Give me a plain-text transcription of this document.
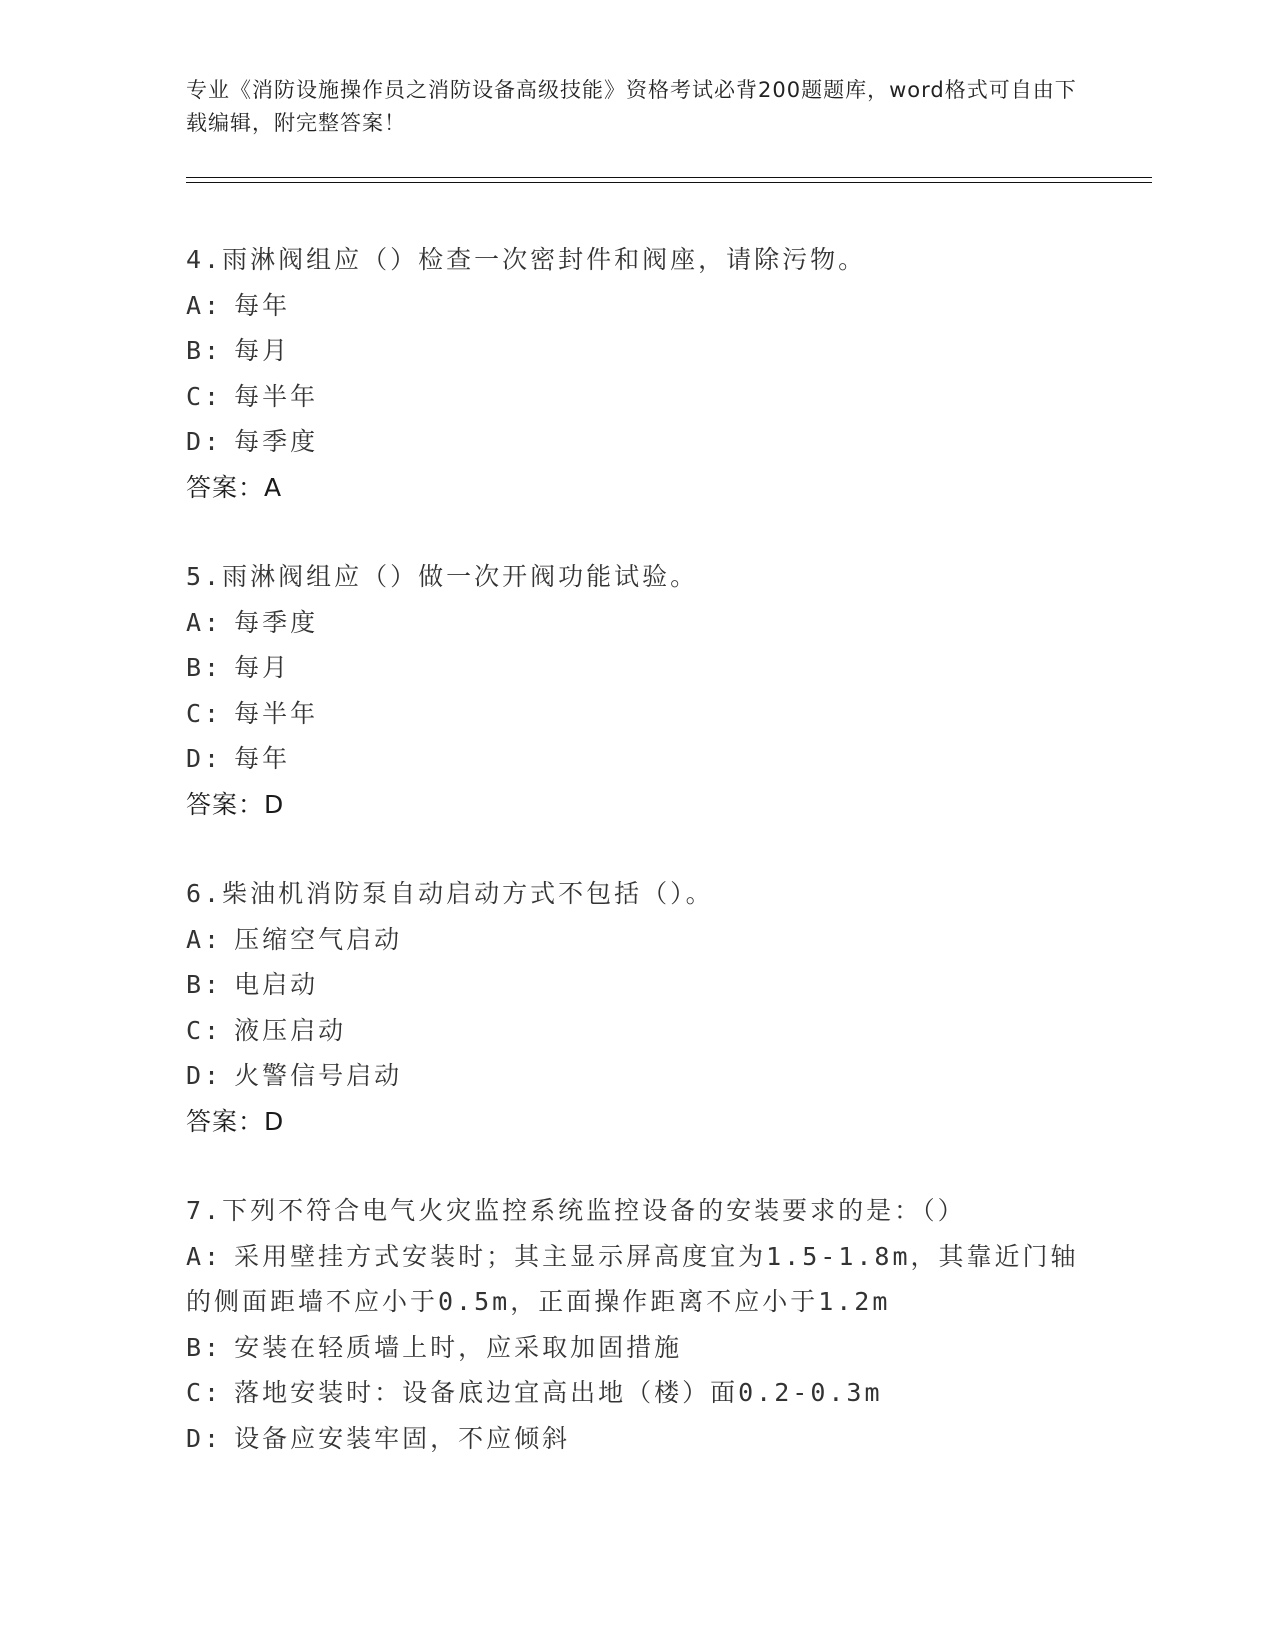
专业《消防设施操作员之消防设备高级技能》资格考试必背200题题库，word格式可自由下载编辑，附完整答案！
4.雨淋阀组应（）检查一次密封件和阀座，请除污物。
A: 每年
B: 每月
C: 每半年
D: 每季度
答案：A
5.雨淋阀组应（）做一次开阀功能试验。
A: 每季度
B: 每月
C: 每半年
D: 每年
答案：D
6.柴油机消防泵自动启动方式不包括（）。
A: 压缩空气启动
B: 电启动
C: 液压启动
D: 火警信号启动
答案：D
7.下列不符合电气火灾监控系统监控设备的安装要求的是：（）
A: 采用壁挂方式安装时；其主显示屏高度宜为1.5-1.8m，其靠近门轴的侧面距墙不应小于0.5m，正面操作距离不应小于1.2m
B: 安装在轻质墙上时，应采取加固措施
C: 落地安装时：设备底边宜高出地（楼）面0.2-0.3m
D: 设备应安装牢固，不应倾斜
